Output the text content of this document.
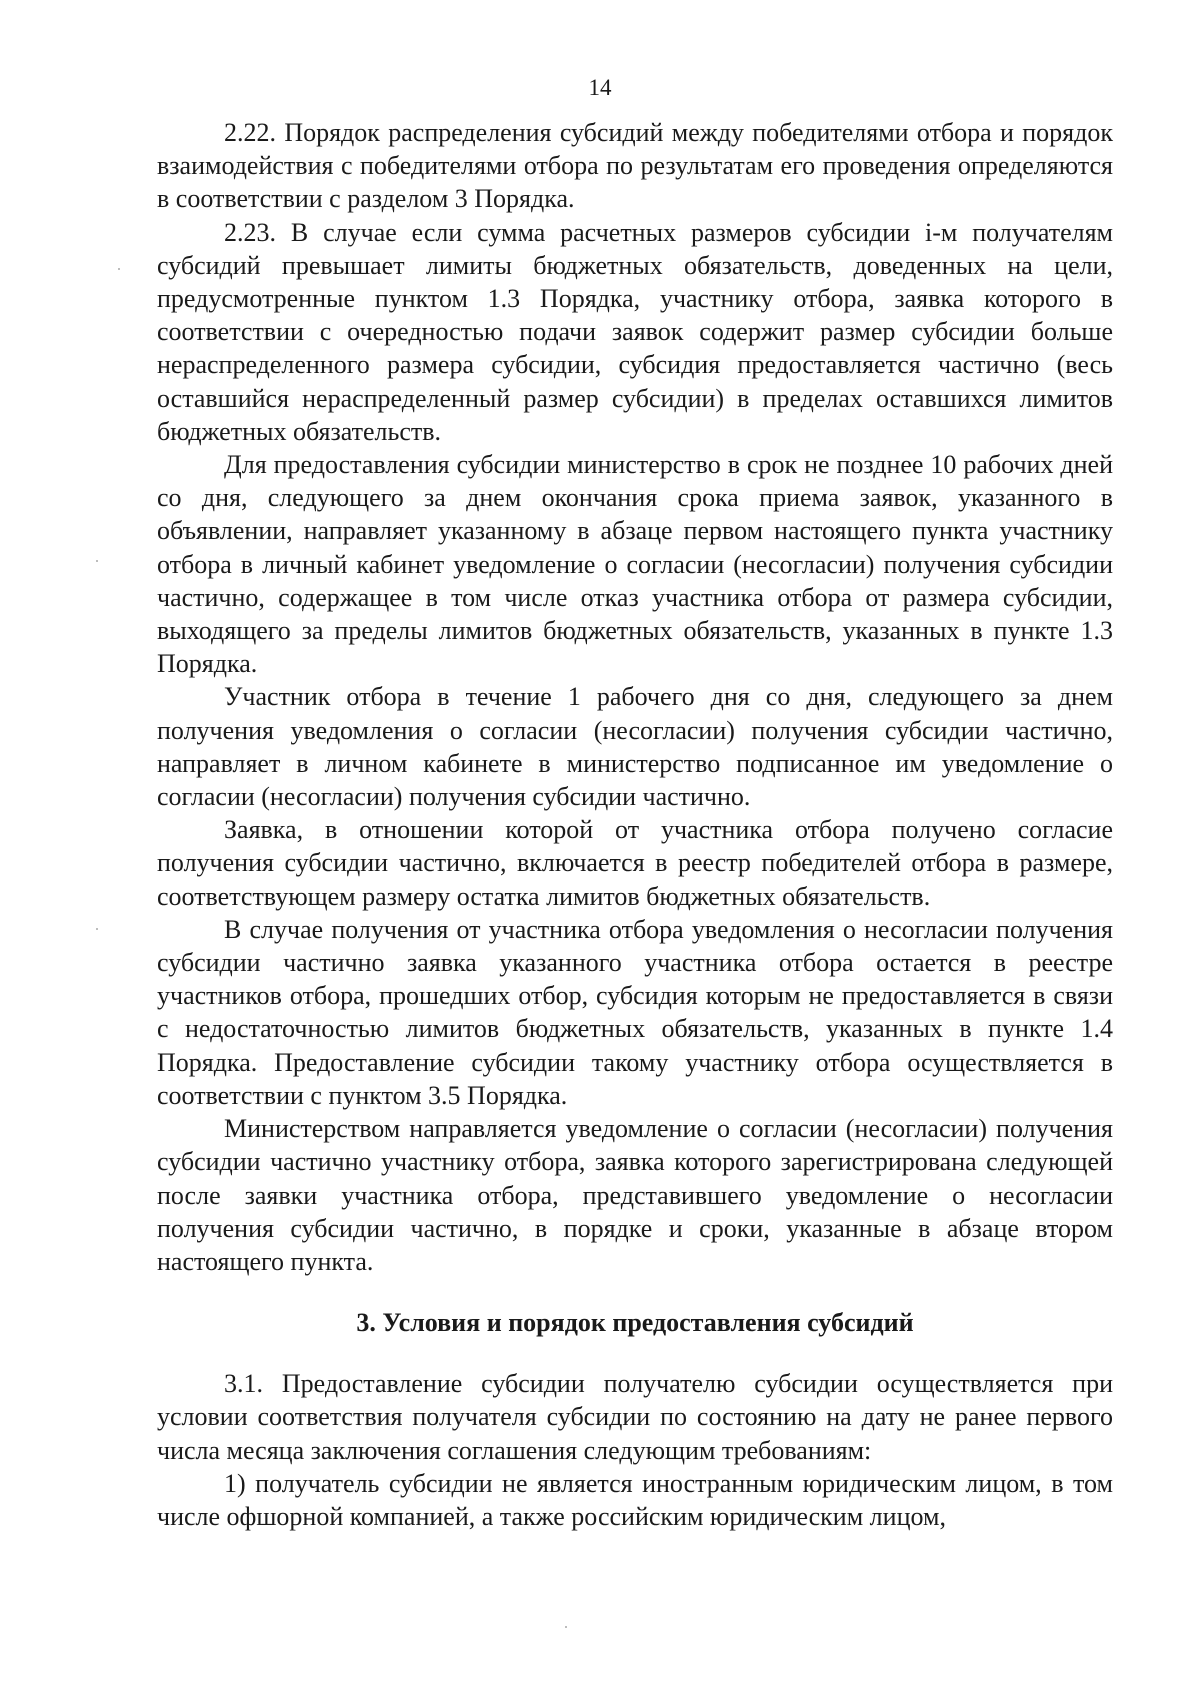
14

2.22. Порядок распределения субсидий между победителями отбора и порядок взаимодействия с победителями отбора по результатам его проведения определяются в соответствии с разделом 3 Порядка.

2.23. В случае если сумма расчетных размеров субсидии i-м получателям субсидий превышает лимиты бюджетных обязательств, доведенных на цели, предусмотренные пунктом 1.3 Порядка, участнику отбора, заявка которого в соответствии с очередностью подачи заявок содержит размер субсидии больше нераспределенного размера субсидии, субсидия предоставляется частично (весь оставшийся нераспределенный размер субсидии) в пределах оставшихся лимитов бюджетных обязательств.

Для предоставления субсидии министерство в срок не позднее 10 рабочих дней со дня, следующего за днем окончания срока приема заявок, указанного в объявлении, направляет указанному в абзаце первом настоящего пункта участнику отбора в личный кабинет уведомление о согласии (несогласии) получения субсидии частично, содержащее в том числе отказ участника отбора от размера субсидии, выходящего за пределы лимитов бюджетных обязательств, указанных в пункте 1.3 Порядка.

Участник отбора в течение 1 рабочего дня со дня, следующего за днем получения уведомления о согласии (несогласии) получения субсидии частично, направляет в личном кабинете в министерство подписанное им уведомление о согласии (несогласии) получения субсидии частично.

Заявка, в отношении которой от участника отбора получено согласие получения субсидии частично, включается в реестр победителей отбора в размере, соответствующем размеру остатка лимитов бюджетных обязательств.

В случае получения от участника отбора уведомления о несогласии получения субсидии частично заявка указанного участника отбора остается в реестре участников отбора, прошедших отбор, субсидия которым не предоставляется в связи с недостаточностью лимитов бюджетных обязательств, указанных в пункте 1.4 Порядка. Предоставление субсидии такому участнику отбора осуществляется в соответствии с пунктом 3.5 Порядка.

Министерством направляется уведомление о согласии (несогласии) получения субсидии частично участнику отбора, заявка которого зарегистрирована следующей после заявки участника отбора, представившего уведомление о несогласии получения субсидии частично, в порядке и сроки, указанные в абзаце втором настоящего пункта.

3. Условия и порядок предоставления субсидий

3.1. Предоставление субсидии получателю субсидии осуществляется при условии соответствия получателя субсидии по состоянию на дату не ранее первого числа месяца заключения соглашения следующим требованиям:

1) получатель субсидии не является иностранным юридическим лицом, в том числе офшорной компанией, а также российским юридическим лицом,
